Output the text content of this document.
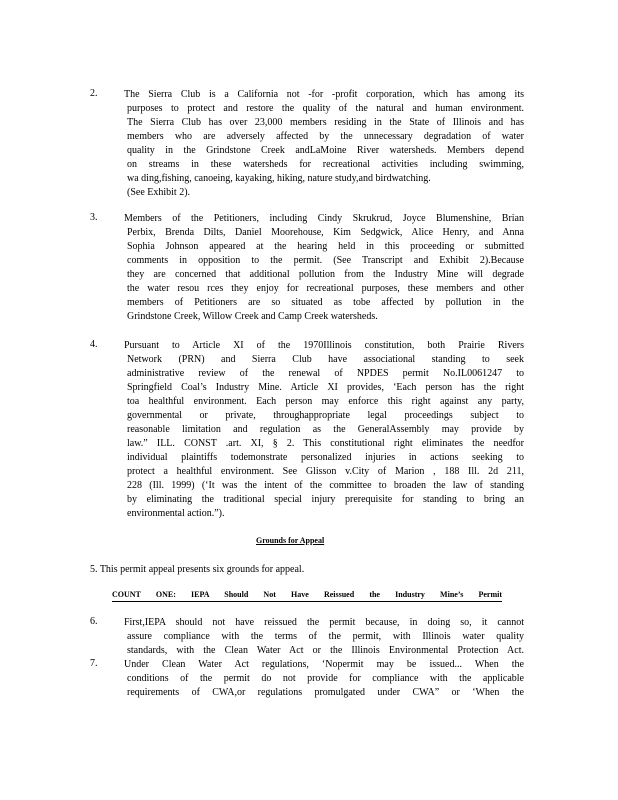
2.	The Sierra Club is a California not -for -profit corporation, which has among its
purposes to protect and restore the quality of the natural and human environment.
The Sierra Club has over 23,000 members residing in the State of Illinois and has
members who are adversely affected by the unnecessary degradation of water
quality in the Grindstone Creek andLaMoine River watersheds. Members depend
on streams in these watersheds for recreational activities including swimming,
wa ding,fishing, canoeing, kayaking, hiking, nature study,and birdwatching.
(See Exhibit 2).
3.	Members of the Petitioners, including Cindy Skrukrud, Joyce Blumenshine, Brian
Perbix, Brenda Dilts, Daniel Moorehouse, Kim Sedgwick, Alice Henry, and Anna
Sophia Johnson appeared at the hearing held in this proceeding or submitted
comments in opposition to the permit. (See Transcript and Exhibit 2).Because
they are concerned that additional pollution from the Industry Mine will degrade
the water resou rces they enjoy for recreational purposes, these members and other
members of Petitioners are so situated as tobe affected by pollution in the
Grindstone Creek, Willow Creek and Camp Creek watersheds.
4.	Pursuant to Article XI of the 1970Illinois constitution, both Prairie Rivers
Network (PRN) and Sierra Club have associational standing to seek
administrative review of the renewal of NPDES permit No.IL0061247 to
Springfield Coal’s Industry Mine. Article XI provides, ‘Each person has the right
toa healthful environment. Each person may enforce this right against any party,
governmental or private, throughappropriate legal proceedings subject to
reasonable limitation and regulation as the GeneralAssembly may provide by
law.” ILL. CONST .art. XI, § 2. This constitutional right eliminates the needfor
individual plaintiffs todemonstrate personalized injuries in actions seeking to
protect a healthful environment. See Glisson v.City of Marion , 188 Ill. 2d 211,
228 (Ill. 1999) (‘It was the intent of the committee to broaden the law of standing
by eliminating the traditional special injury prerequisite for standing to bring an
environmental action.”).
Grounds for Appeal
5. This permit appeal presents six grounds for appeal.
COUNT ONE: IEPA Should Not Have Reissued the Industry Mine’s Permit
6.	First,IEPA should not have reissued the permit because, in doing so, it cannot
assure compliance with the terms of the permit, with Illinois water quality
standards, with the Clean Water Act or the Illinois Environmental Protection Act.
7.	Under Clean Water Act regulations, ‘Nopermit may be issued... When the
conditions of the permit do not provide for compliance with the applicable
requirements of CWA,or regulations promulgated under CWA” or ‘When the
